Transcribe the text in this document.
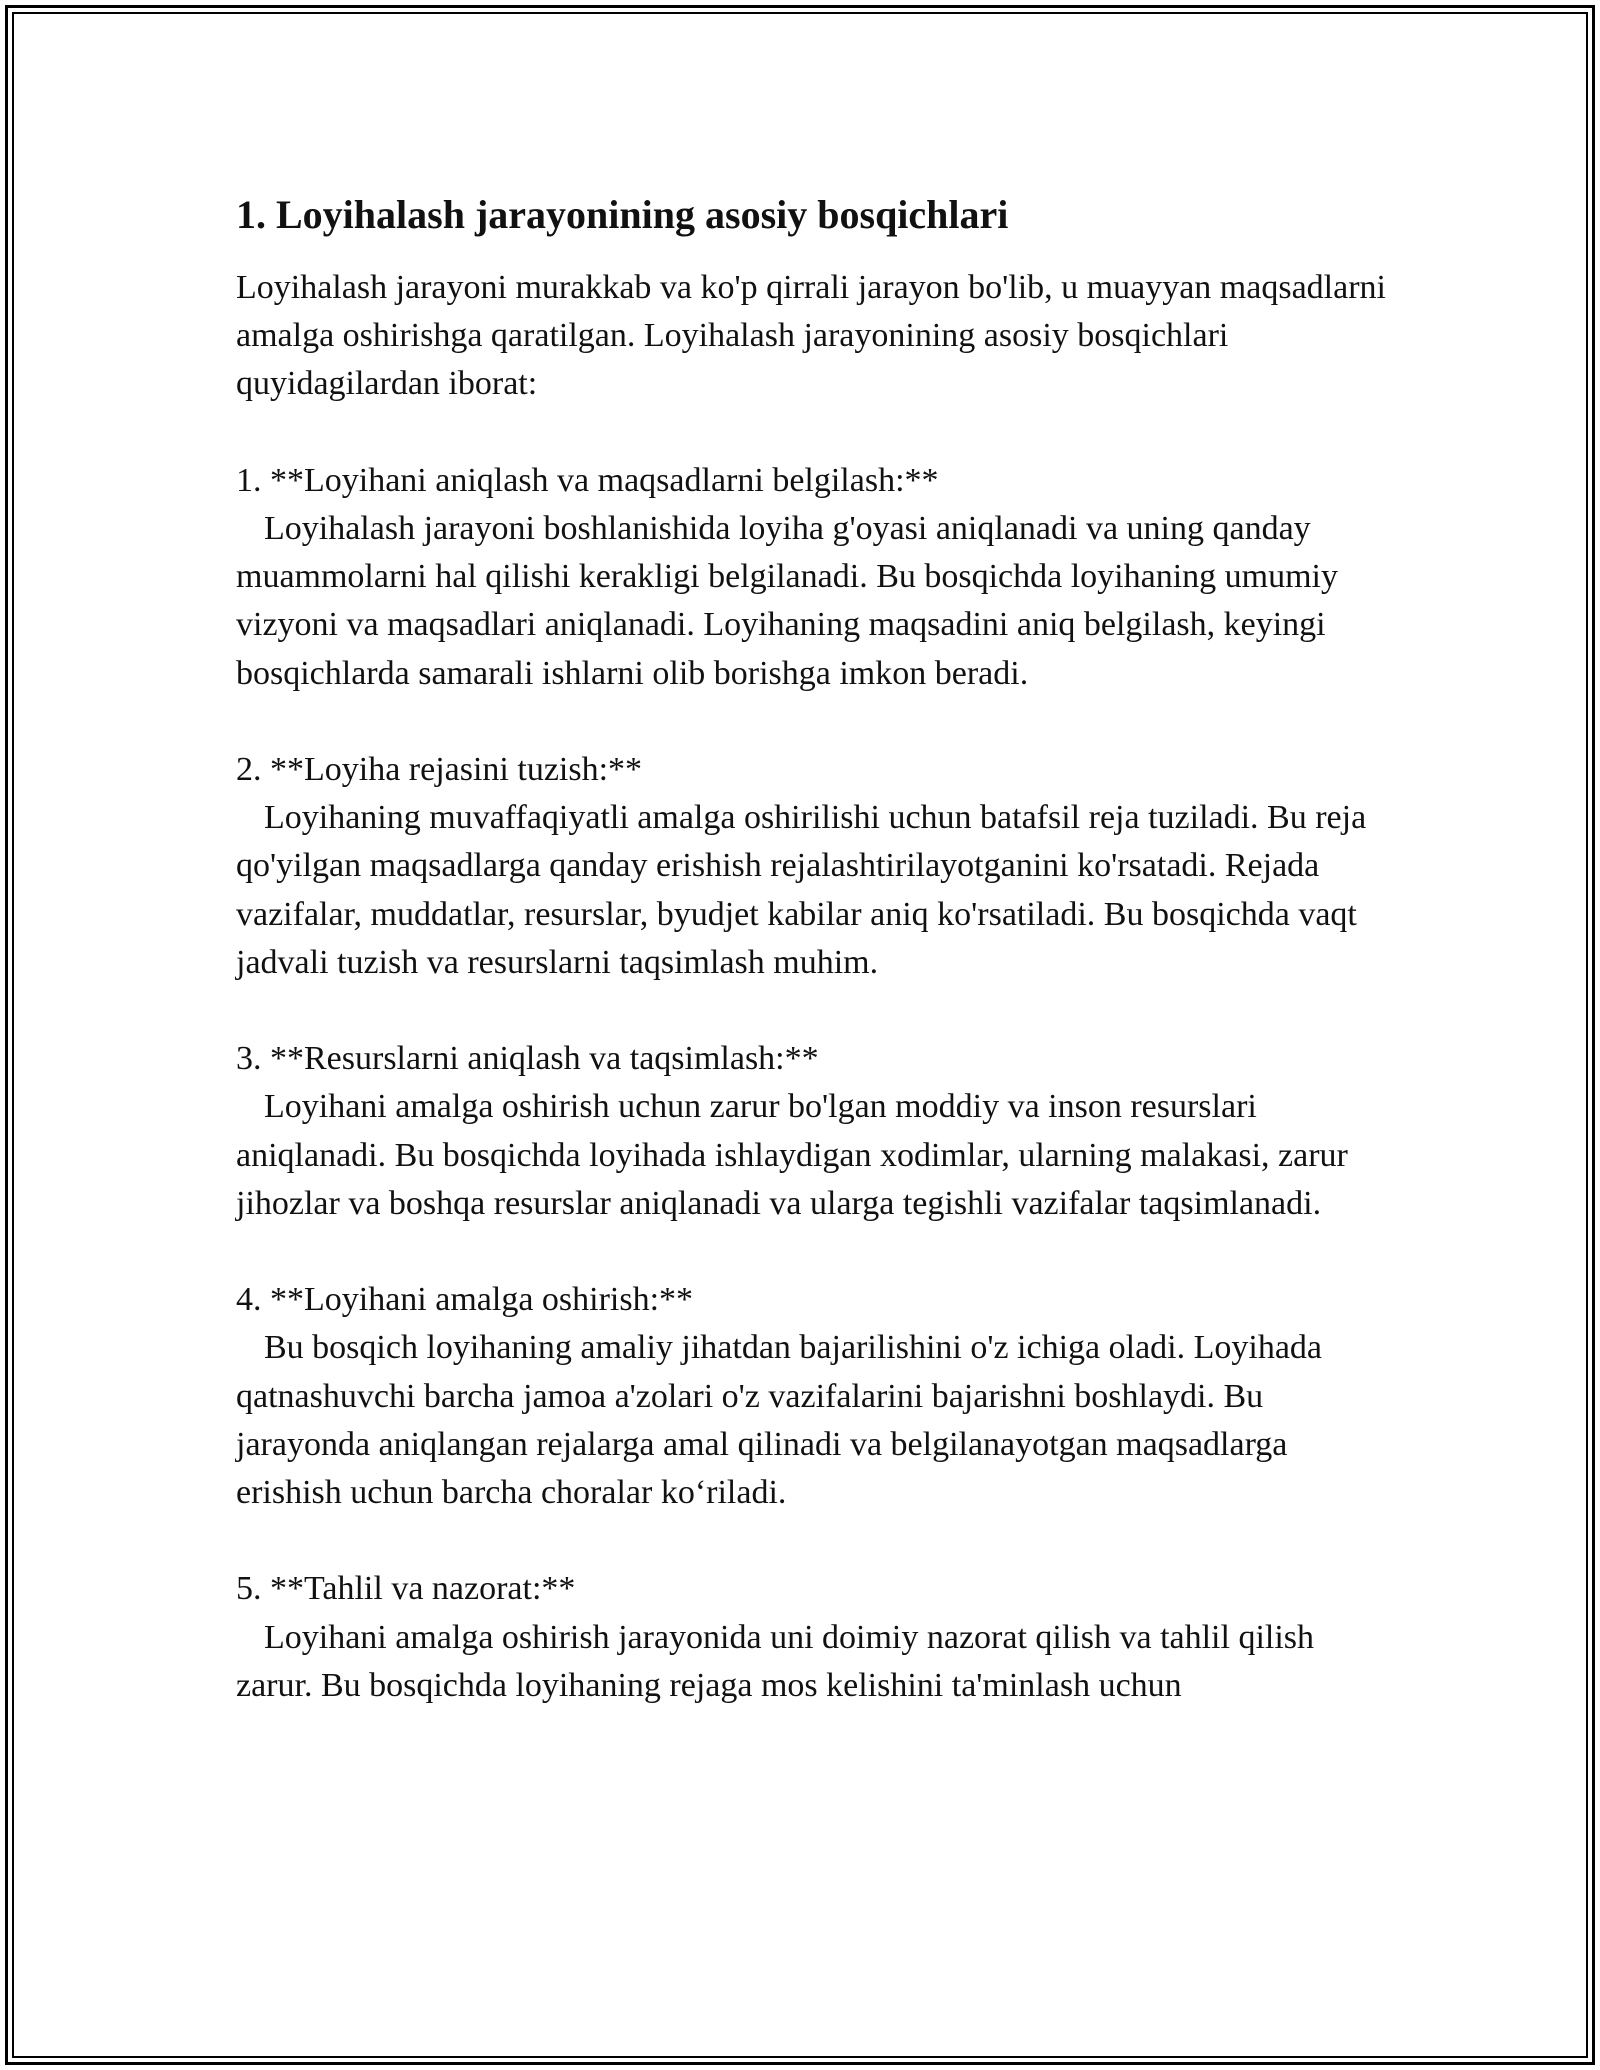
1. Loyihalash jarayonining asosiy bosqichlari

Loyihalash jarayoni murakkab va ko'p qirrali jarayon bo'lib, u muayyan maqsadlarni amalga oshirishga qaratilgan. Loyihalash jarayonining asosiy bosqichlari quyidagilardan iborat:

1. **Loyihani aniqlash va maqsadlarni belgilash:**

Loyihalash jarayoni boshlanishida loyiha g'oyasi aniqlanadi va uning qanday muammolarni hal qilishi kerakligi belgilanadi. Bu bosqichda loyihaning umumiy vizyoni va maqsadlari aniqlanadi. Loyihaning maqsadini aniq belgilash, keyingi bosqichlarda samarali ishlarni olib borishga imkon beradi.

2. **Loyiha rejasini tuzish:**

Loyihaning muvaffaqiyatli amalga oshirilishi uchun batafsil reja tuziladi. Bu reja qo'yilgan maqsadlarga qanday erishish rejalashtirilayotganini ko'rsatadi. Rejada vazifalar, muddatlar, resurslar, byudjet kabilar aniq ko'rsatiladi. Bu bosqichda vaqt jadvali tuzish va resurslarni taqsimlash muhim.

3. **Resurslarni aniqlash va taqsimlash:**

Loyihani amalga oshirish uchun zarur bo'lgan moddiy va inson resurslari aniqlanadi. Bu bosqichda loyihada ishlaydigan xodimlar, ularning malakasi, zarur jihozlar va boshqa resurslar aniqlanadi va ularga tegishli vazifalar taqsimlanadi.

4. **Loyihani amalga oshirish:**

Bu bosqich loyihaning amaliy jihatdan bajarilishini o'z ichiga oladi. Loyihada qatnashuvchi barcha jamoa a'zolari o'z vazifalarini bajarishni boshlaydi. Bu jarayonda aniqlangan rejalarga amal qilinadi va belgilanayotgan maqsadlarga erishish uchun barcha choralar ko‘riladi.

5. **Tahlil va nazorat:**

Loyihani amalga oshirish jarayonida uni doimiy nazorat qilish va tahlil qilish zarur. Bu bosqichda loyihaning rejaga mos kelishini ta'minlash uchun
